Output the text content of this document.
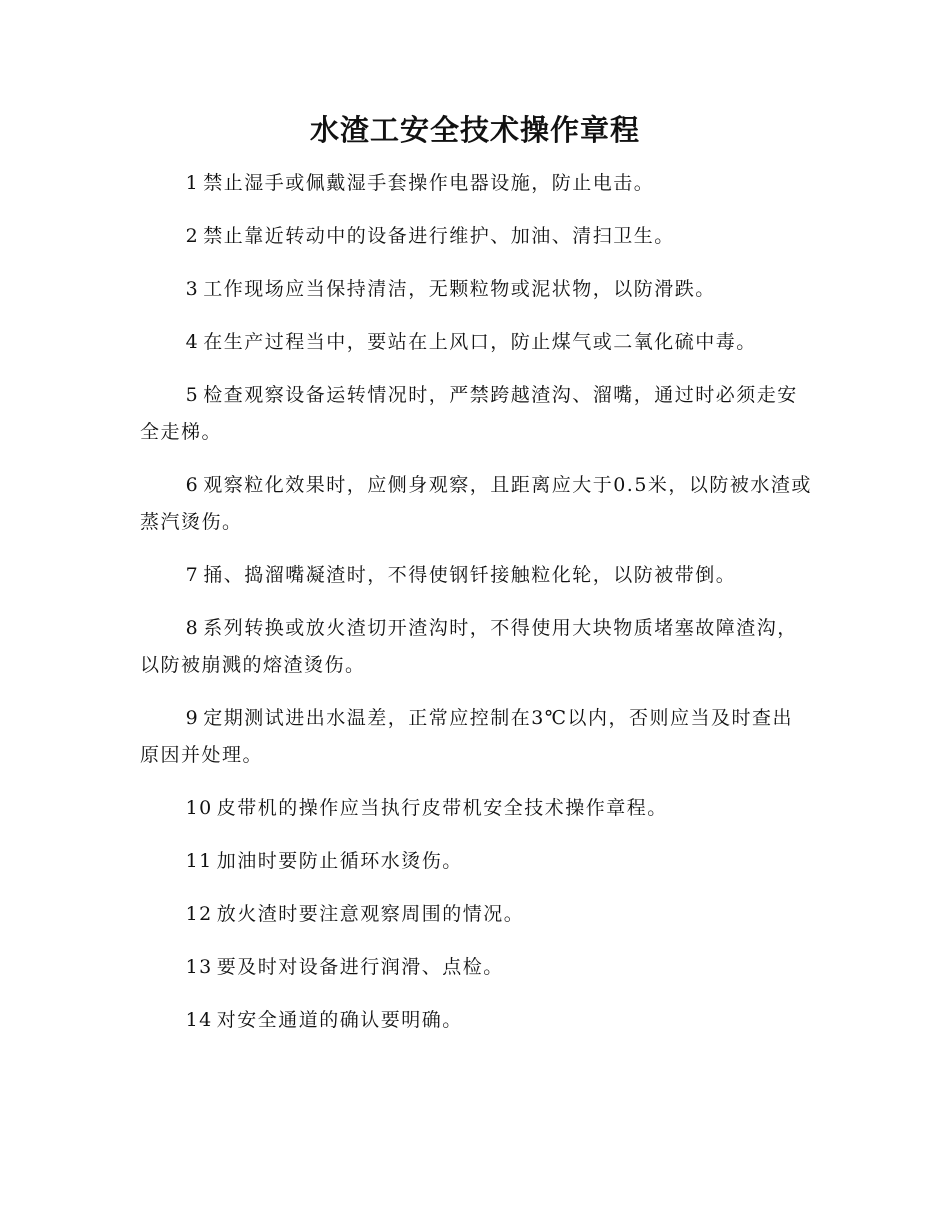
水渣工安全技术操作章程
1 禁止湿手或佩戴湿手套操作电器设施，防止电击。
2 禁止靠近转动中的设备进行维护、加油、清扫卫生。
3 工作现场应当保持清洁，无颗粒物或泥状物，以防滑跌。
4 在生产过程当中，要站在上风口，防止煤气或二氧化硫中毒。
5 检查观察设备运转情况时，严禁跨越渣沟、溜嘴，通过时必须走安全走梯。
6 观察粒化效果时，应侧身观察，且距离应大于0.5米，以防被水渣或蒸汽烫伤。
7 捅、捣溜嘴凝渣时，不得使钢钎接触粒化轮，以防被带倒。
8 系列转换或放火渣切开渣沟时，不得使用大块物质堵塞故障渣沟，以防被崩溅的熔渣烫伤。
9 定期测试进出水温差，正常应控制在3℃以内，否则应当及时查出原因并处理。
10 皮带机的操作应当执行皮带机安全技术操作章程。
11 加油时要防止循环水烫伤。
12 放火渣时要注意观察周围的情况。
13 要及时对设备进行润滑、点检。
14 对安全通道的确认要明确。
